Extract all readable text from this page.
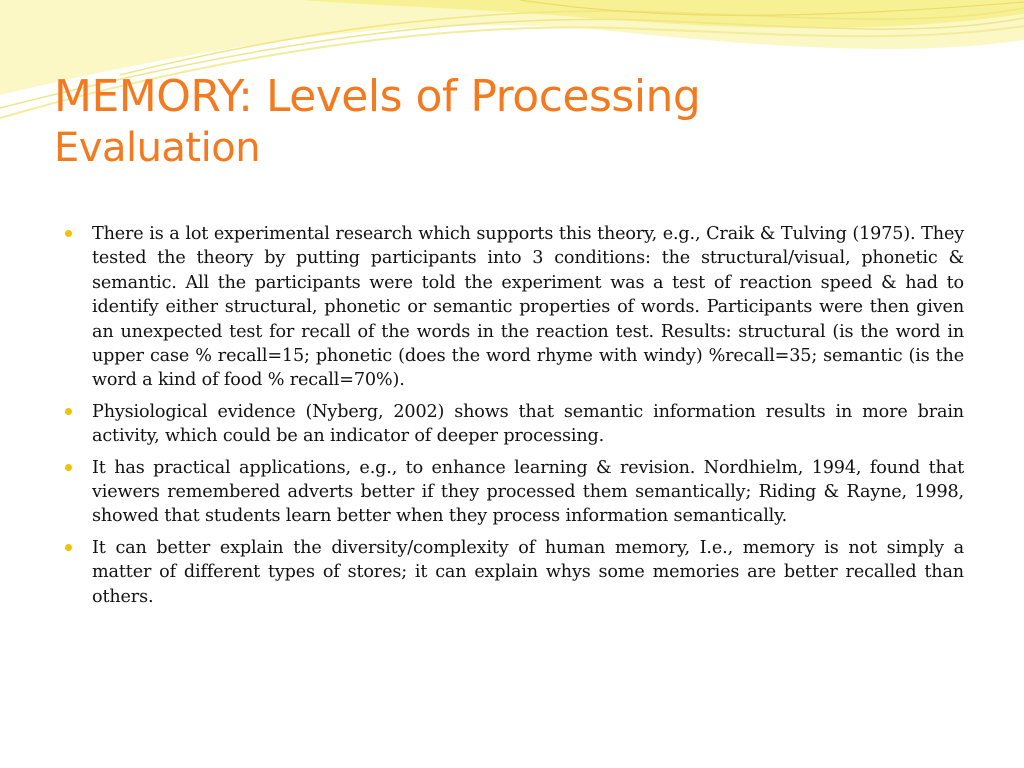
MEMORY: Levels of Processing
Evaluation
There is a lot experimental research which supports this theory, e.g., Craik & Tulving (1975). They tested the theory by putting participants into 3 conditions: the structural/visual, phonetic & semantic. All the participants were told the experiment was a test of reaction speed & had to identify either structural, phonetic or semantic properties of words. Participants were then given an unexpected test for recall of the words in the reaction test. Results: structural (is the word in upper case % recall=15; phonetic (does the word rhyme with windy) %recall=35; semantic (is the word a kind of food % recall=70%).
Physiological evidence (Nyberg, 2002) shows that semantic information results in more brain activity, which could be an indicator of deeper processing.
It has practical applications, e.g., to enhance learning & revision. Nordhielm, 1994, found that viewers remembered adverts better if they processed them semantically; Riding & Rayne, 1998, showed that students learn better when they process information semantically.
It can better explain the diversity/complexity of human memory, I.e., memory is not simply a matter of different types of stores; it can explain whys some memories are better recalled than others.
